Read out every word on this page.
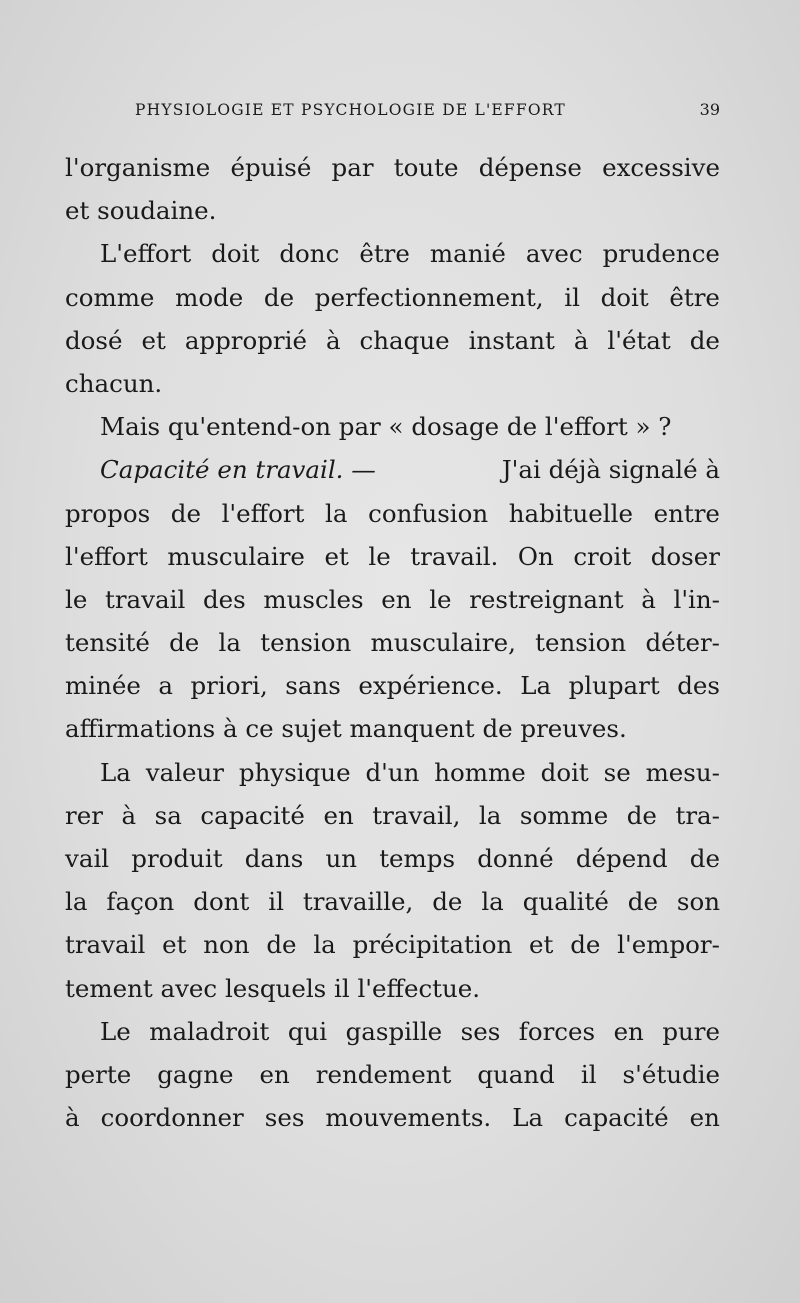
PHYSIOLOGIE ET PSYCHOLOGIE DE L'EFFORT	39
l'organisme épuisé par toute dépense excessive
et soudaine.
L'effort doit donc être manié avec prudence
comme mode de perfectionnement, il doit être
dosé et approprié à chaque instant à l'état de
chacun.
Mais qu'entend-on par « dosage de l'effort » ?
Capacité en travail. —	J'ai déjà signalé à
propos de l'effort la confusion habituelle entre
l'effort musculaire et le travail. On croit doser
le travail des muscles en le restreignant à l'in-
tensité de la tension musculaire, tension déter-
minée a priori, sans expérience. La plupart des
affirmations à ce sujet manquent de preuves.
La valeur physique d'un homme doit se mesu-
rer à sa capacité en travail, la somme de tra-
vail produit dans un temps donné dépend de
la façon dont il travaille, de la qualité de son
travail et non de la précipitation et de l'empor-
tement avec lesquels il l'effectue.
Le maladroit qui gaspille ses forces en pure
perte gagne en rendement quand il s'étudie
à coordonner ses mouvements. La capacité en
